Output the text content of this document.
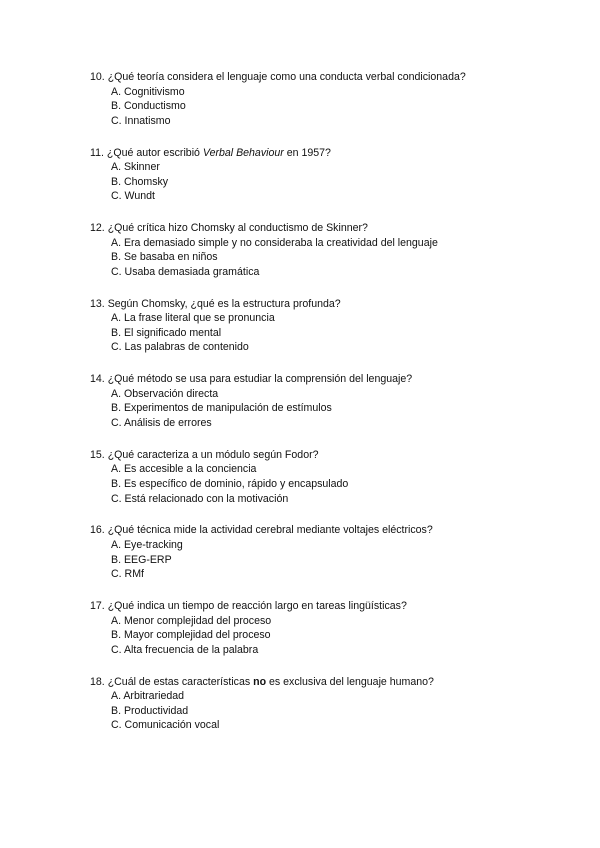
10. ¿Qué teoría considera el lenguaje como una conducta verbal condicionada?
A. Cognitivismo
B. Conductismo
C. Innatismo
11. ¿Qué autor escribió Verbal Behaviour en 1957?
A. Skinner
B. Chomsky
C. Wundt
12. ¿Qué crítica hizo Chomsky al conductismo de Skinner?
A. Era demasiado simple y no consideraba la creatividad del lenguaje
B. Se basaba en niños
C. Usaba demasiada gramática
13. Según Chomsky, ¿qué es la estructura profunda?
A. La frase literal que se pronuncia
B. El significado mental
C. Las palabras de contenido
14. ¿Qué método se usa para estudiar la comprensión del lenguaje?
A. Observación directa
B. Experimentos de manipulación de estímulos
C. Análisis de errores
15. ¿Qué caracteriza a un módulo según Fodor?
A. Es accesible a la conciencia
B. Es específico de dominio, rápido y encapsulado
C. Está relacionado con la motivación
16. ¿Qué técnica mide la actividad cerebral mediante voltajes eléctricos?
A. Eye-tracking
B. EEG-ERP
C. RMf
17. ¿Qué indica un tiempo de reacción largo en tareas lingüísticas?
A. Menor complejidad del proceso
B. Mayor complejidad del proceso
C. Alta frecuencia de la palabra
18. ¿Cuál de estas características no es exclusiva del lenguaje humano?
A. Arbitrariedad
B. Productividad
C. Comunicación vocal
